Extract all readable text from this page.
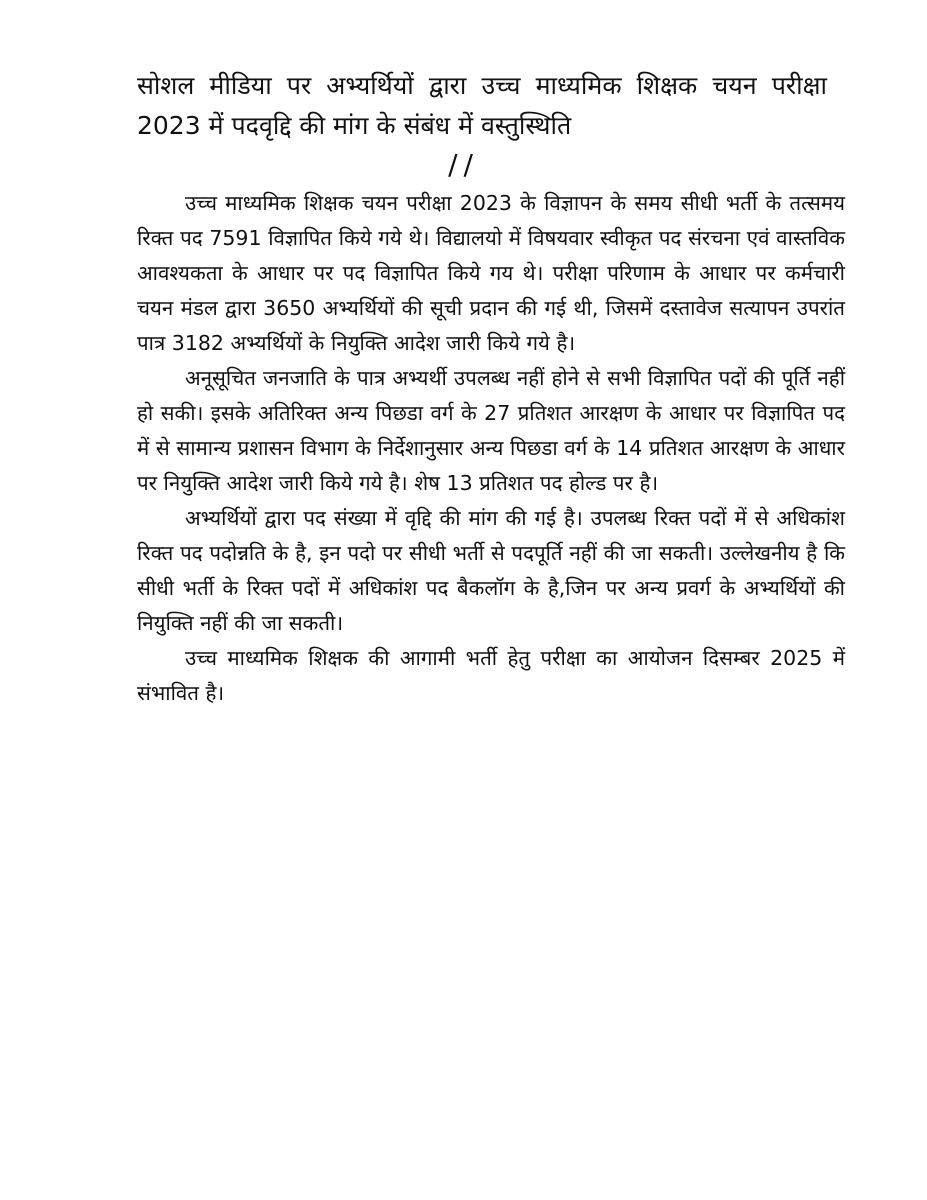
सोशल मीडिया पर अभ्यर्थियों द्वारा उच्च माध्यमिक शिक्षक चयन परीक्षा 2023 में पदवृद्दि की मांग के संबंध में वस्तुस्थिति

//

उच्च माध्यमिक शिक्षक चयन परीक्षा 2023 के विज्ञापन के समय सीधी भर्ती के तत्समय रिक्त पद 7591 विज्ञापित किये गये थे। विद्यालयो में विषयवार स्वीकृत पद संरचना एवं वास्तविक आवश्यकता के आधार पर पद विज्ञापित किये गय थे। परीक्षा परिणाम के आधार पर कर्मचारी चयन मंडल द्वारा 3650 अभ्यर्थियों की सूची प्रदान की गई थी, जिसमें दस्तावेज सत्यापन उपरांत पात्र 3182 अभ्यर्थियों के नियुक्ति आदेश जारी किये गये है।

अनूसूचित जनजाति के पात्र अभ्यर्थी उपलब्ध नहीं होने से सभी विज्ञापित पदों की पूर्ति नहीं हो सकी। इसके अतिरिक्त अन्य पिछडा वर्ग के 27 प्रतिशत आरक्षण के आधार पर विज्ञापित पद में से सामान्य प्रशासन विभाग के निर्देशानुसार अन्य पिछडा वर्ग के 14 प्रतिशत आरक्षण के आधार पर नियुक्ति आदेश जारी किये गये है। शेष 13 प्रतिशत पद होल्ड पर है।

अभ्यर्थियों द्वारा पद संख्या में वृद्दि की मांग की गई है। उपलब्ध रिक्त पदों में से अधिकांश रिक्त पद पदोन्नति के है, इन पदो पर सीधी भर्ती से पदपूर्ति नहीं की जा सकती। उल्लेखनीय है कि सीधी भर्ती के रिक्त पदों में अधिकांश पद बैकलॉग के है,जिन पर अन्य प्रवर्ग के अभ्यर्थियों की नियुक्ति नहीं की जा सकती।

उच्च माध्यमिक शिक्षक की आगामी भर्ती हेतु परीक्षा का आयोजन दिसम्बर 2025 में संभावित है।
